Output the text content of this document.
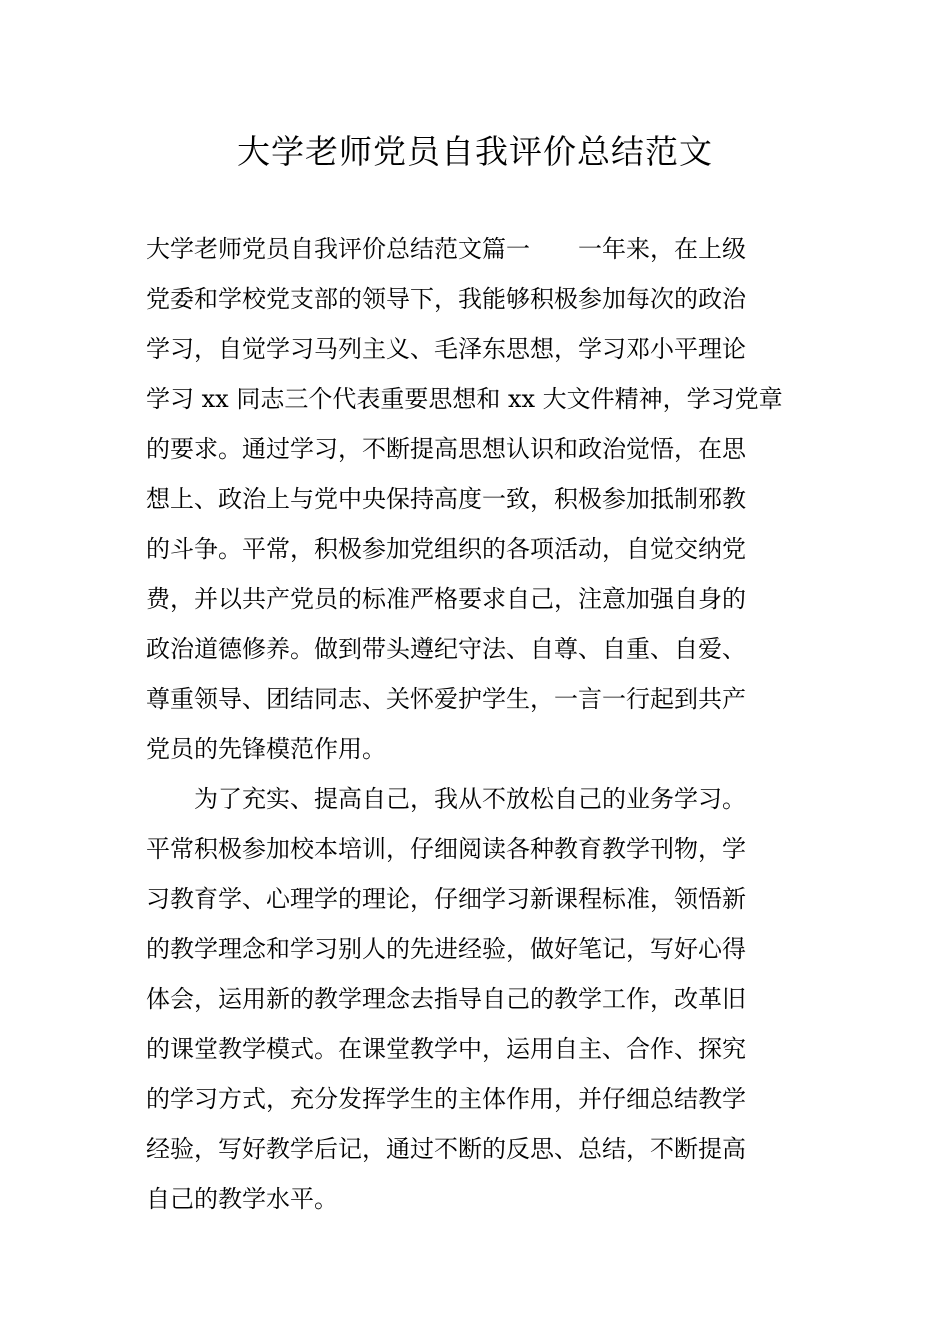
大学老师党员自我评价总结范文
大学老师党员自我评价总结范文篇一　　一年来，在上级
党委和学校党支部的领导下，我能够积极参加每次的政治
学习，自觉学习马列主义、毛泽东思想，学习邓小平理论
学习 xx 同志三个代表重要思想和 xx 大文件精神，学习党章
的要求。通过学习，不断提高思想认识和政治觉悟，在思
想上、政治上与党中央保持高度一致，积极参加抵制邪教
的斗争。平常，积极参加党组织的各项活动，自觉交纳党
费，并以共产党员的标准严格要求自己，注意加强自身的
政治道德修养。做到带头遵纪守法、自尊、自重、自爱、
尊重领导、团结同志、关怀爱护学生，一言一行起到共产
党员的先锋模范作用。
　　为了充实、提高自己，我从不放松自己的业务学习。
平常积极参加校本培训，仔细阅读各种教育教学刊物，学
习教育学、心理学的理论，仔细学习新课程标准，领悟新
的教学理念和学习别人的先进经验，做好笔记，写好心得
体会，运用新的教学理念去指导自己的教学工作，改革旧
的课堂教学模式。在课堂教学中，运用自主、合作、探究
的学习方式，充分发挥学生的主体作用，并仔细总结教学
经验，写好教学后记，通过不断的反思、总结，不断提高
自己的教学水平。
